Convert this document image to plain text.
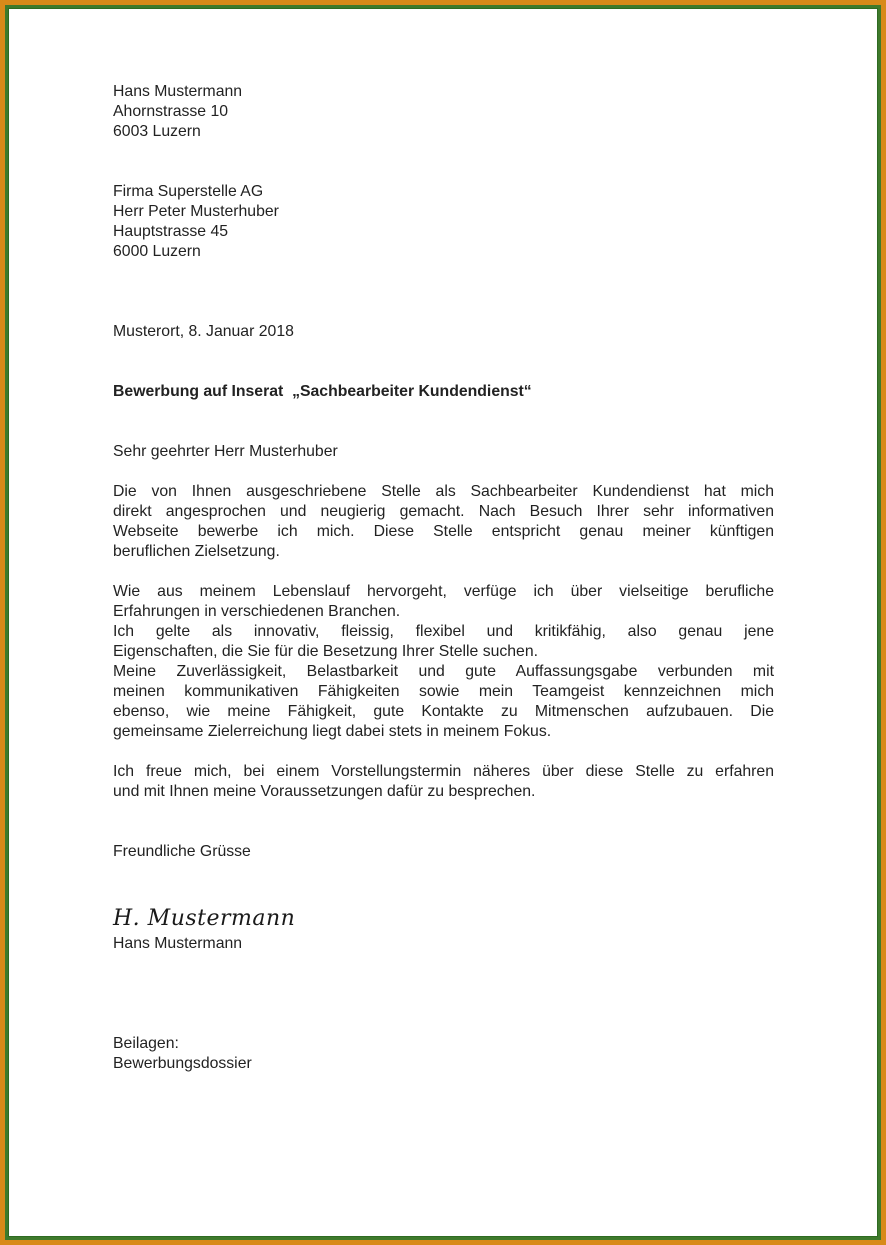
Hans Mustermann
Ahornstrasse 10
6003 Luzern
Firma Superstelle AG
Herr Peter Musterhuber
Hauptstrasse 45
6000 Luzern
Musterort, 8. Januar 2018
Bewerbung auf Inserat  „Sachbearbeiter Kundendienst“
Sehr geehrter Herr Musterhuber
Die von Ihnen ausgeschriebene Stelle als Sachbearbeiter Kundendienst hat mich
direkt angesprochen und neugierig gemacht. Nach Besuch Ihrer sehr informativen
Webseite bewerbe ich mich. Diese Stelle entspricht genau meiner künftigen
beruflichen Zielsetzung.
Wie aus meinem Lebenslauf hervorgeht, verfüge ich über vielseitige berufliche
Erfahrungen in verschiedenen Branchen.
Ich gelte als innovativ, fleissig, flexibel und kritikfähig, also genau jene
Eigenschaften, die Sie für die Besetzung Ihrer Stelle suchen.
Meine Zuverlässigkeit, Belastbarkeit und gute Auffassungsgabe verbunden mit
meinen kommunikativen Fähigkeiten sowie mein Teamgeist kennzeichnen mich
ebenso, wie meine Fähigkeit, gute Kontakte zu Mitmenschen aufzubauen. Die
gemeinsame Zielerreichung liegt dabei stets in meinem Fokus.
Ich freue mich, bei einem Vorstellungstermin näheres über diese Stelle zu erfahren
und mit Ihnen meine Voraussetzungen dafür zu besprechen.
Freundliche Grüsse
Hans Mustermann
Beilagen:
Bewerbungsdossier
H. Mustermann
